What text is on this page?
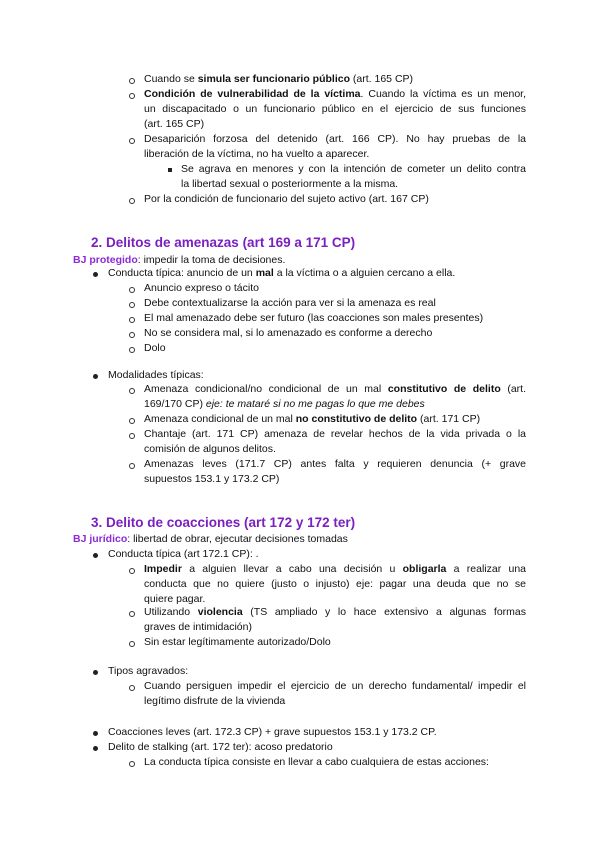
Cuando se simula ser funcionario público (art. 165 CP)
Condición de vulnerabilidad de la víctima. Cuando la víctima es un menor,
un discapacitado o un funcionario público en el ejercicio de sus funciones
(art. 165 CP)
Desaparición forzosa del detenido (art. 166 CP). No hay pruebas de la
liberación de la víctima, no ha vuelto a aparecer.
Se agrava en menores y con la intención de cometer un delito contra
la libertad sexual o posteriormente a la misma.
Por la condición de funcionario del sujeto activo (art. 167 CP)
2. Delitos de amenazas (art 169 a 171 CP)
BJ protegido: impedir la toma de decisiones.
Conducta típica: anuncio de un mal a la víctima o a alguien cercano a ella.
Anuncio expreso o tácito
Debe contextualizarse la acción para ver si la amenaza es real
El mal amenazado debe ser futuro (las coacciones son males presentes)
No se considera mal, si lo amenazado es conforme a derecho
Dolo
Modalidades típicas:
Amenaza condicional/no condicional de un mal constitutivo de delito (art.
169/170 CP) eje: te mataré si no me pagas lo que me debes
Amenaza condicional de un mal no constitutivo de delito (art. 171 CP)
Chantaje (art. 171 CP) amenaza de revelar hechos de la vida privada o la
comisión de algunos delitos.
Amenazas leves (171.7 CP) antes falta y requieren denuncia (+ grave
supuestos 153.1 y 173.2 CP)
3. Delito de coacciones (art 172 y 172 ter)
BJ jurídico: libertad de obrar, ejecutar decisiones tomadas
Conducta típica (art 172.1 CP): .
Impedir a alguien llevar a cabo una decisión u obligarla a realizar una
conducta que no quiere (justo o injusto) eje: pagar una deuda que no se
quiere pagar.
Utilizando violencia (TS ampliado y lo hace extensivo a algunas formas
graves de intimidación)
Sin estar legítimamente autorizado/Dolo
Tipos agravados:
Cuando persiguen impedir el ejercicio de un derecho fundamental/ impedir el
legítimo disfrute de la vivienda
Coacciones leves (art. 172.3 CP) + grave supuestos 153.1 y 173.2 CP.
Delito de stalking (art. 172 ter): acoso predatorio
La conducta típica consiste en llevar a cabo cualquiera de estas acciones:
